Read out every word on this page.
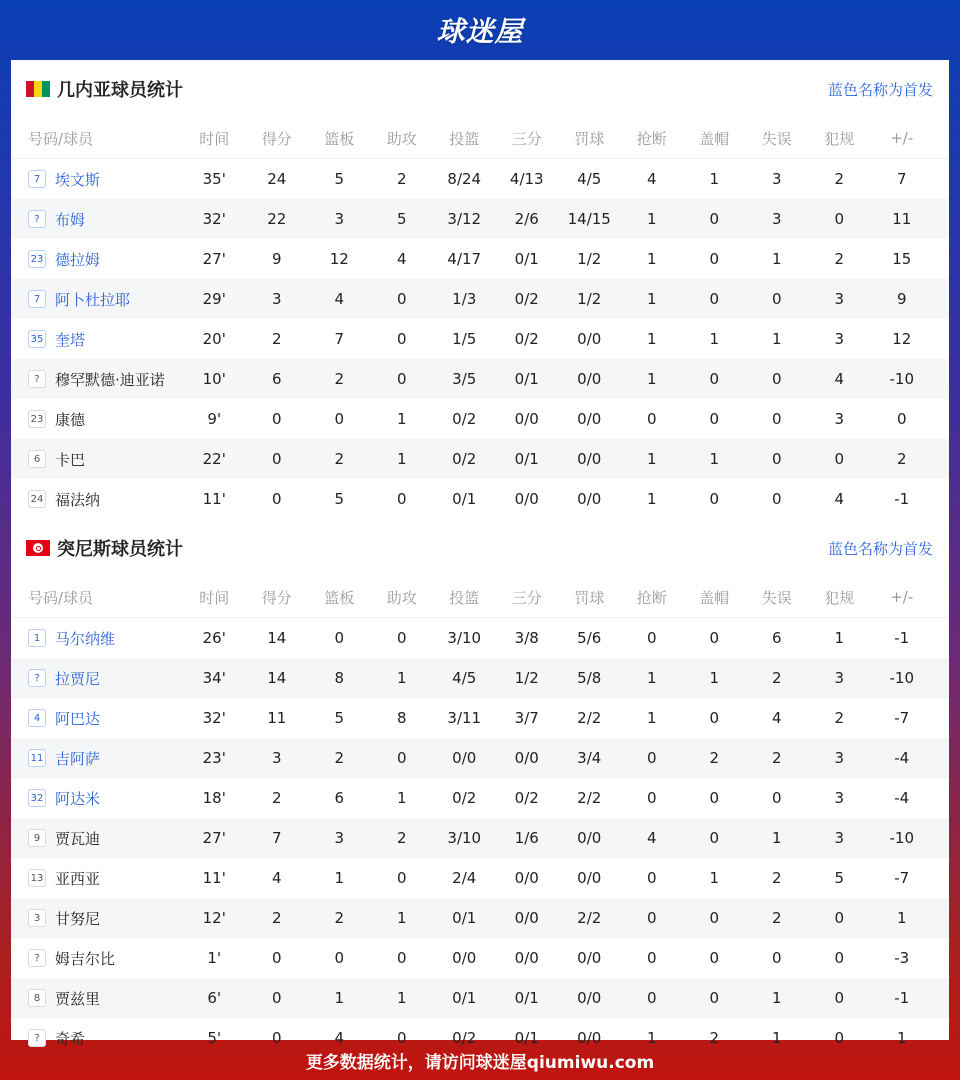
球迷屋
几内亚球员统计	蓝色名称为首发
号码/球员	时间	得分	篮板	助攻	投篮	三分	罚球	抢断	盖帽	失误	犯规	+/-
7 埃文斯	35'	24	5	2	8/24	4/13	4/5	4	1	3	2	7
?	布姆	32'	22	3	5	3/12	2/6	14/15	1	0	3	0	11
23 德拉姆	27'	9	12	4	4/17	0/1	1/2	1	0	1	2	15
7 阿卜杜拉耶	29'	3	4	0	1/3	0/2	1/2	1	0	0	3	9
35 奎塔	20'	2	7	0	1/5	0/2	0/0	1	1	1	3	12
?	穆罕默德·迪亚诺	10'	6	2	0	3/5	0/1	0/0	1	0	0	4	-10
23 康德	9'	0	0	1	0/2	0/0	0/0	0	0	0	3	0
6 卡巴	22'	0	2	1	0/2	0/1	0/0	1	1	0	0	2
24 福法纳	11'	0	5	0	0/1	0/0	0/0	1	0	0	4	-1
突尼斯球员统计	蓝色名称为首发
号码/球员	时间	得分	篮板	助攻	投篮	三分	罚球	抢断	盖帽	失误	犯规	+/-
1 马尔纳维	26'	14	0	0	3/10	3/8	5/6	0	0	6	1	-1
?	拉贾尼	34'	14	8	1	4/5	1/2	5/8	1	1	2	3	-10
4 阿巴达	32'	11	5	8	3/11	3/7	2/2	1	0	4	2	-7
11 吉阿萨	23'	3	2	0	0/0	0/0	3/4	0	2	2	3	-4
32 阿达米	18'	2	6	1	0/2	0/2	2/2	0	0	0	3	-4
9 贾瓦迪	27'	7	3	2	3/10	1/6	0/0	4	0	1	3	-10
13 亚西亚	11'	4	1	0	2/4	0/0	0/0	0	1	2	5	-7
3 甘努尼	12'	2	2	1	0/1	0/0	2/2	0	0	2	0	1
?	姆吉尔比	1'	0	0	0	0/0	0/0	0/0	0	0	0	0	-3
8 贾兹里	6'	0	1	1	0/1	0/1	0/0	0	0	1	0	-1
?	奇希	5'	0	4	0	0/2	0/1	0/0	1	2	1	0	1
更多数据统计，请访问球迷屋qiumiwu.com
